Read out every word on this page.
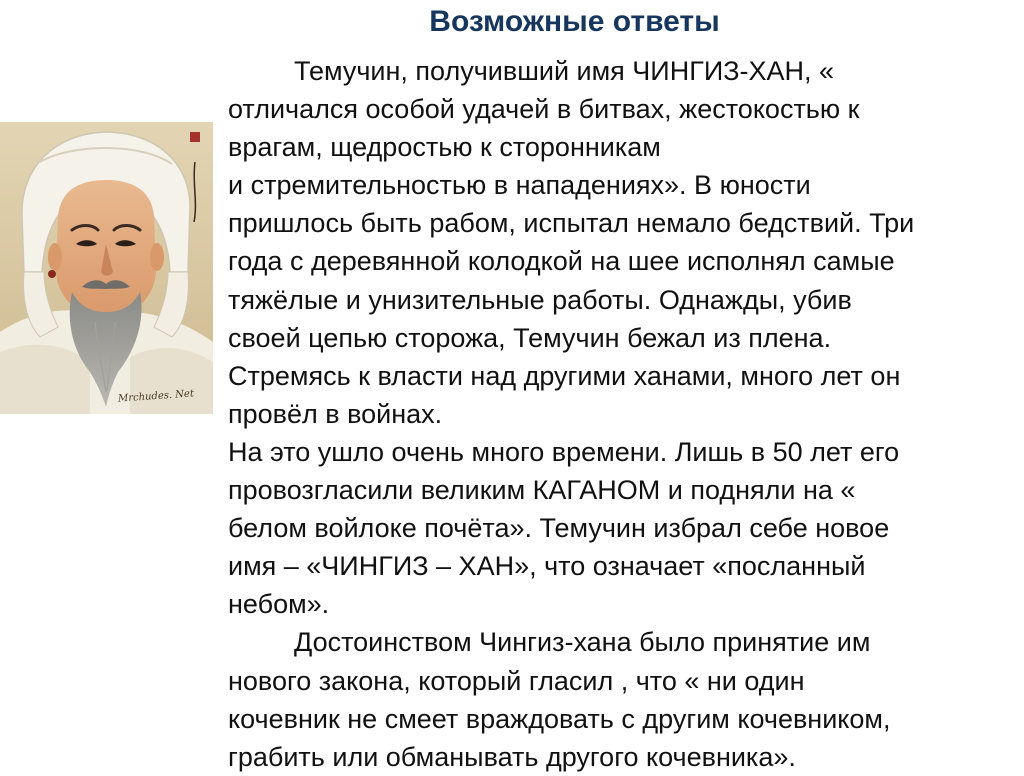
Возможные ответы
Mrchudes. Net
Темучин, получивший имя ЧИНГИЗ-ХАН, «
отличался особой удачей в битвах, жестокостью к
врагам, щедростью к сторонникам
и стремительностью в нападениях». В юности
пришлось быть рабом, испытал немало бедствий. Три
года с деревянной колодкой на шее исполнял самые
тяжёлые и унизительные работы. Однажды, убив
своей цепью сторожа, Темучин бежал из плена.
Стремясь к власти над другими ханами, много лет он
провёл в войнах.
На это ушло очень много времени. Лишь в 50 лет его
провозгласили великим КАГАНОМ и подняли на «
белом войлоке почёта». Темучин избрал себе новое
имя – «ЧИНГИЗ – ХАН», что означает «посланный
небом».
Достоинством Чингиз-хана было принятие им
нового закона, который гласил , что « ни один
кочевник не смеет враждовать с другим кочевником,
грабить или обманывать другого кочевника».
